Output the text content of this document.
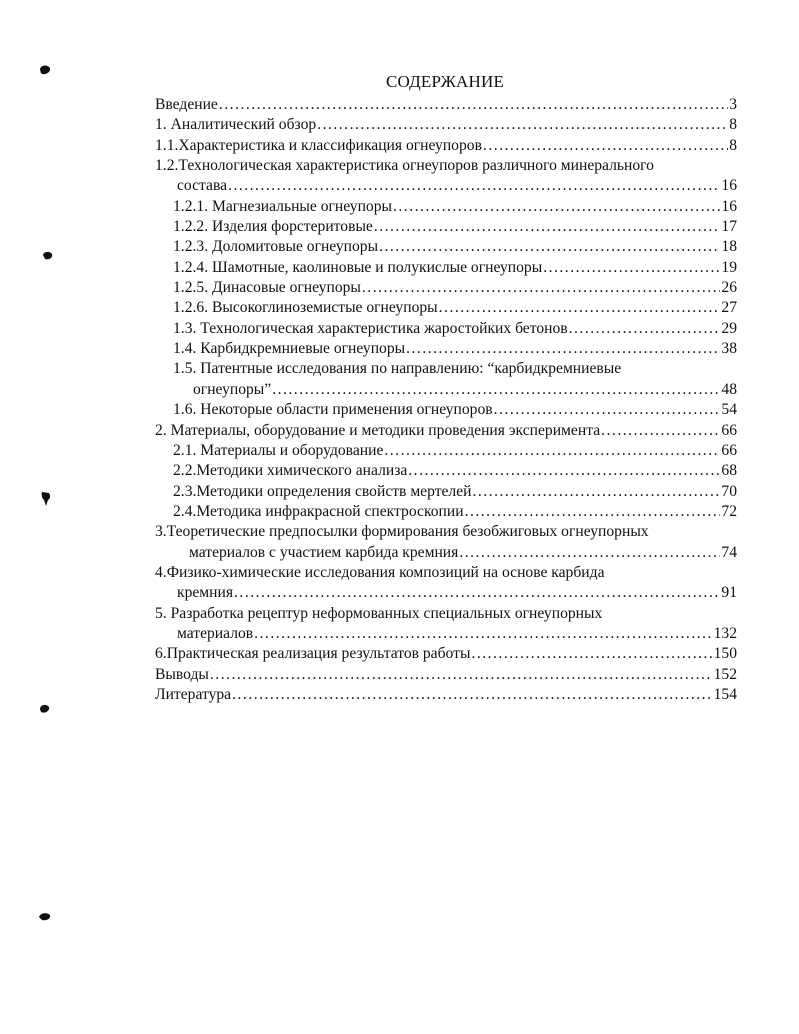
СОДЕРЖАНИЕ
Введение . . .	3
1. Аналитический обзор . . .	8
1.1.Характеристика и классификация огнеупоров . . .	8
1.2.Технологическая характеристика огнеупоров различного минерального
состава . . .	16
1.2.1. Магнезиальные огнеупоры . . .	16
1.2.2. Изделия форстеритовые . . .	17
1.2.3. Доломитовые огнеупоры . . .	18
1.2.4. Шамотные, каолиновые и полукислые огнеупоры . . .	19
1.2.5. Динасовые огнеупоры . . .	26
1.2.6. Высокоглиноземистые огнеупоры . . .	27
1.3. Технологическая характеристика жаростойких бетонов . . .	29
1.4. Карбидкремниевые огнеупоры . . .	38
1.5. Патентные исследования по направлению: “карбидкремниевые
огнеупоры” . . .	48
1.6. Некоторые области применения огнеупоров . . .	54
2. Материалы, оборудование и методики проведения эксперимента . . .	66
2.1. Материалы и оборудование . . .	66
2.2.Методики химического анализа . . .	68
2.3.Методики определения свойств мертелей . . .	70
2.4.Методика инфракрасной спектроскопии . . .	72
3.Теоретические предпосылки формирования безобжиговых огнеупорных
материалов с участием карбида кремния . . .	74
4.Физико-химические исследования композиций на основе карбида
кремния . . .	91
5. Разработка рецептур неформованных специальных огнеупорных
материалов . . .	132
6.Практическая реализация результатов работы . . .	150
Выводы . . .	152
Литература . . .	154
